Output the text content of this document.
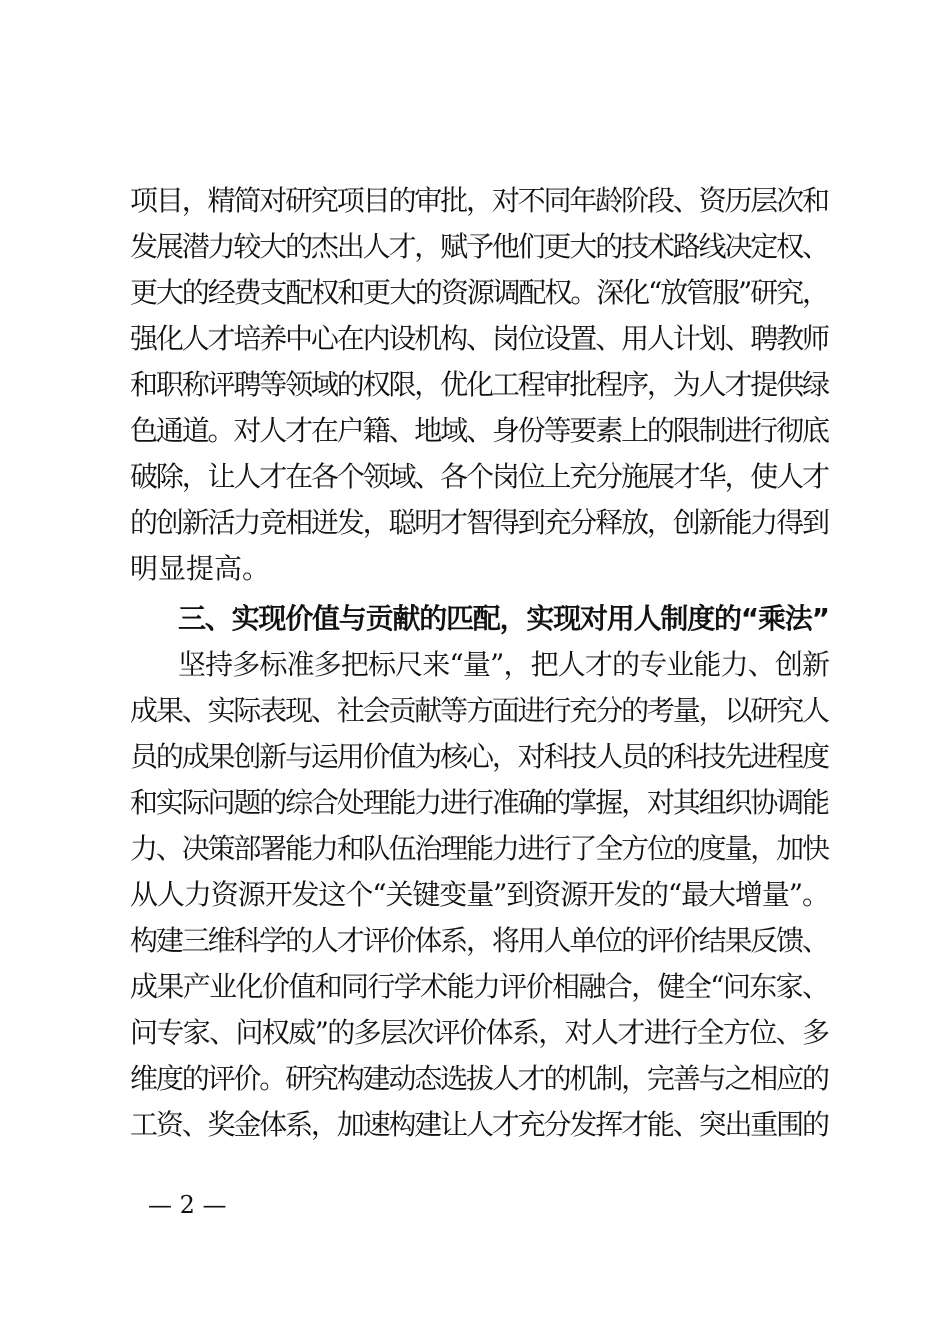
项目，精简对研究项目的审批，对不同年龄阶段、资历层次和
发展潜力较大的杰出人才，赋予他们更大的技术路线决定权、
更大的经费支配权和更大的资源调配权。深化“放管服”研究，
强化人才培养中心在内设机构、岗位设置、用人计划、聘教师
和职称评聘等领域的权限，优化工程审批程序，为人才提供绿
色通道。对人才在户籍、地域、身份等要素上的限制进行彻底
破除，让人才在各个领域、各个岗位上充分施展才华，使人才
的创新活力竞相迸发，聪明才智得到充分释放，创新能力得到
明显提高。
三、实现价值与贡献的匹配，实现对用人制度的“乘法”
坚持多标准多把标尺来“量”，把人才的专业能力、创新
成果、实际表现、社会贡献等方面进行充分的考量，以研究人
员的成果创新与运用价值为核心，对科技人员的科技先进程度
和实际问题的综合处理能力进行准确的掌握，对其组织协调能
力、决策部署能力和队伍治理能力进行了全方位的度量，加快
从人力资源开发这个“关键变量”到资源开发的“最大增量”。
构建三维科学的人才评价体系，将用人单位的评价结果反馈、
成果产业化价值和同行学术能力评价相融合，健全“问东家、
问专家、问权威”的多层次评价体系，对人才进行全方位、多
维度的评价。研究构建动态选拔人才的机制，完善与之相应的
工资、奖金体系，加速构建让人才充分发挥才能、突出重围的
— 2 —
